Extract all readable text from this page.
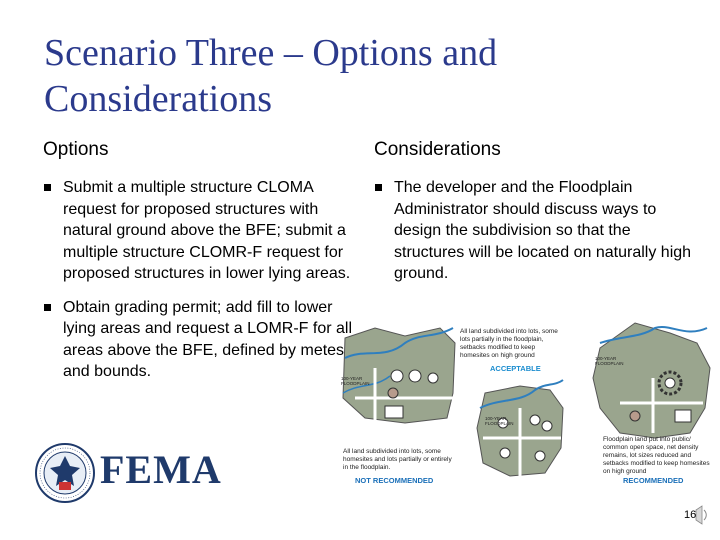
Scenario Three – Options and Considerations
Options	Considerations
Submit a multiple structure CLOMA request for proposed structures with natural ground above the BFE; submit a multiple structure CLOMR-F request for proposed structures in lower lying areas.
Obtain grading permit; add fill to lower lying areas and request a LOMR-F for all areas above the BFE, defined by metes and bounds.
The developer and the Floodplain Administrator should discuss ways to design the subdivision so that the structures will be located on naturally high ground.
All land subdivided into lots, some lots partially in the floodplain, setbacks modified to keep homesites on high ground
ACCEPTABLE
100-YEAR FLOODPLAIN
100-YEAR FLOODPLAIN
100-YEAR FLOODPLAIN
All land subdivided into lots, some homesites and lots partially or entirely in the floodplain.
NOT RECOMMENDED
Floodplain land put into public/ common open space, net density remains, lot sizes reduced and setbacks modified to keep homesites on high ground
RECOMMENDED
FEMA
16
